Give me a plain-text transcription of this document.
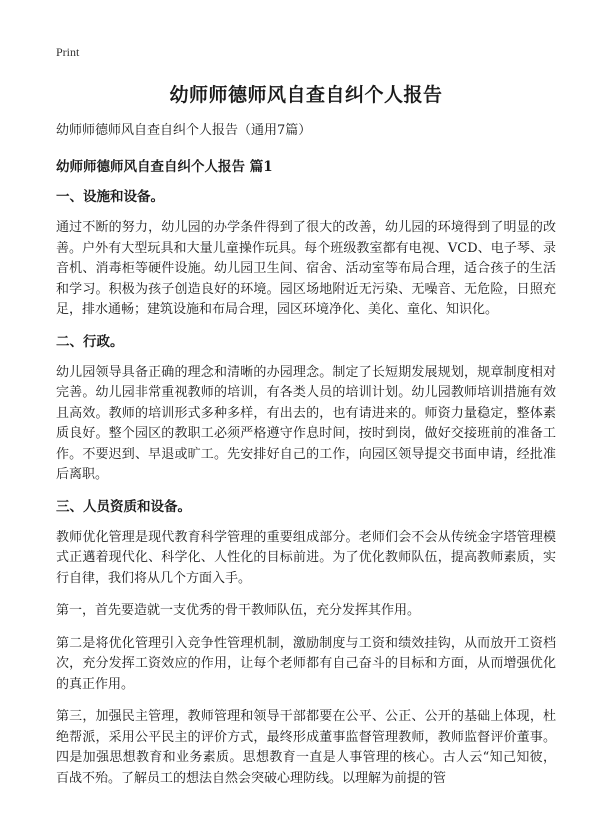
Print
幼师师德师风自查自纠个人报告

幼师师德师风自查自纠个人报告（通用7篇）

幼师师德师风自查自纠个人报告 篇1

一、设施和设备。

通过不断的努力，幼儿园的办学条件得到了很大的改善，幼儿园的环境得到了明显的改善。户外有大型玩具和大量儿童操作玩具。每个班级教室都有电视、VCD、电子琴、录音机、消毒柜等硬件设施。幼儿园卫生间、宿舍、活动室等布局合理，适合孩子的生活和学习。积极为孩子创造良好的环境。园区场地附近无污染、无噪音、无危险，日照充足，排水通畅；建筑设施和布局合理，园区环境净化、美化、童化、知识化。

二、行政。

幼儿园领导具备正确的理念和清晰的办园理念。制定了长短期发展规划，规章制度相对完善。幼儿园非常重视教师的培训，有各类人员的培训计划。幼儿园教师培训措施有效且高效。教师的培训形式多种多样，有出去的，也有请进来的。师资力量稳定，整体素质良好。整个园区的教职工必须严格遵守作息时间，按时到岗，做好交接班前的准备工作。不要迟到、早退或旷工。先安排好自己的工作，向园区领导提交书面申请，经批准后离职。

三、人员资质和设备。

教师优化管理是现代教育科学管理的重要组成部分。老师们会不会从传统金字塔管理模式正邁着现代化、科学化、人性化的目标前进。为了优化教师队伍，提高教师素质，实行自律，我们将从几个方面入手。

第一，首先要造就一支优秀的骨干教师队伍，充分发挥其作用。

第二是将优化管理引入竞争性管理机制，激励制度与工资和绩效挂钩，从而放开工资档次，充分发挥工资效应的作用，让每个老师都有自己奋斗的目标和方面，从而增强优化的真正作用。

第三，加强民主管理，教师管理和领导干部都要在公平、公正、公开的基础上体现，杜绝帮派，采用公平民主的评价方式，最终形成董事监督管理教师，教师监督评价董事。四是加强思想教育和业务素质。思想教育一直是人事管理的核心。古人云“知己知彼，百战不殆。了解员工的想法自然会突破心理防线。以理解为前提的管
